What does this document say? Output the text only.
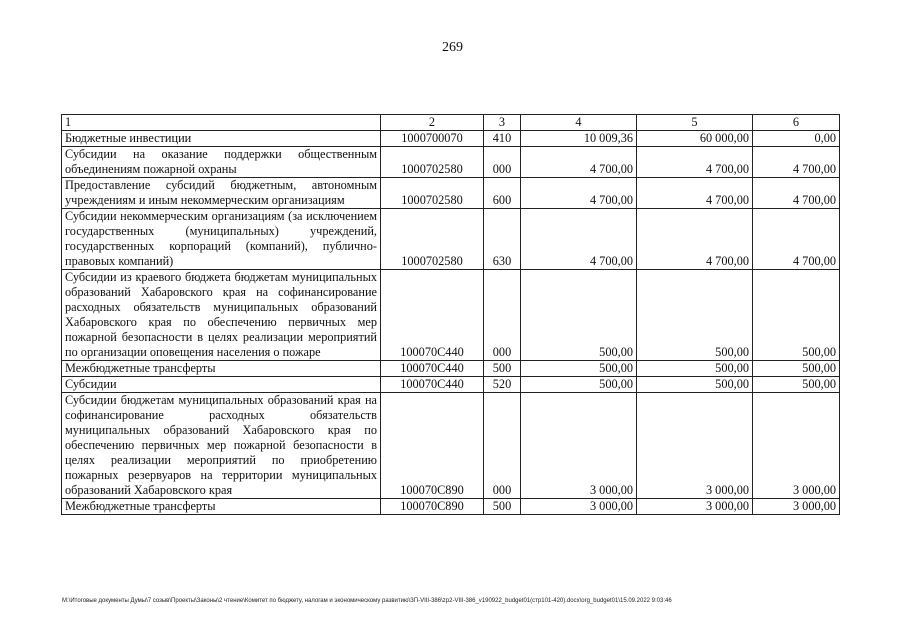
269
1	2	3	4	5	6
Бюджетные инвестиции	1000700070	410	10 009,36	60 000,00	0,00
Субсидии на оказание поддержки общественным объединениям пожарной охраны	1000702580	000	4 700,00	4 700,00	4 700,00
Предоставление субсидий бюджетным, автономным учреждениям и иным некоммерческим организациям	1000702580	600	4 700,00	4 700,00	4 700,00
Субсидии некоммерческим организациям (за исключением государственных (муниципальных) учреждений, государственных корпораций (компаний), публично-правовых компаний)	1000702580	630	4 700,00	4 700,00	4 700,00
Субсидии из краевого бюджета бюджетам муниципальных образований Хабаровского края на софинансирование расходных обязательств муниципальных образований Хабаровского края по обеспечению первичных мер пожарной безопасности в целях реализации мероприятий по организации оповещения населения о пожаре	100070С440	000	500,00	500,00	500,00
Межбюджетные трансферты	100070С440	500	500,00	500,00	500,00
Субсидии	100070С440	520	500,00	500,00	500,00
Субсидии бюджетам муниципальных образований края на софинансирование расходных обязательств муниципальных образований Хабаровского края по обеспечению первичных мер пожарной безопасности в целях реализации мероприятий по приобретению пожарных резервуаров на территории муниципальных образований Хабаровского края	100070С890	000	3 000,00	3 000,00	3 000,00
Межбюджетные трансферты	100070С890	500	3 000,00	3 000,00	3 000,00
M:\Итоговые документы Думы\7 созыв\Проекты\Законы\2 чтение\Комитет по бюджету, налогам и экономическому развитию\ЗП-VIII-386\zp2-VIII-386_v190922_budget01(стр101-420).docx\org_budget01\15.09.2022 9:03:46
